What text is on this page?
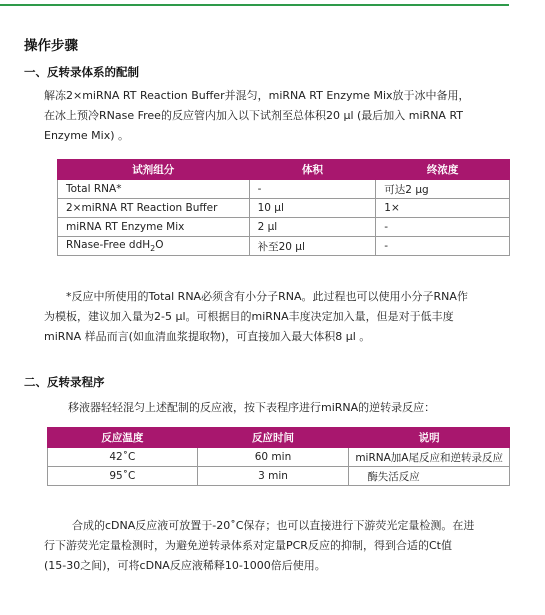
操作步骤
一、反转录体系的配制
解冻2×miRNA RT Reaction Buffer并混匀，miRNA RT Enzyme Mix放于冰中备用，
在冰上预冷RNase Free的反应管内加入以下试剂至总体积20 μl (最后加入 miRNA RT
Enzyme Mix) 。
试剂组分	体积	终浓度
Total RNA*	-	可达2 μg
2×miRNA RT Reaction Buffer	10 μl	1×
miRNA RT Enzyme Mix	2 μl	-
RNase-Free ddH$_2$O	补至20 μl	-
*反应中所使用的Total RNA必须含有小分子RNA。此过程也可以使用小分子RNA作
为模板，建议加入量为2-5 μl。可根据目的miRNA丰度决定加入量，但是对于低丰度
miRNA 样品而言(如血清血浆提取物)，可直接加入最大体积8 μl 。
二、反转录程序
移液器轻轻混匀上述配制的反应液，按下表程序进行miRNA的逆转录反应：
反应温度	反应时间	说明
42˚C	60 min	miRNA加A尾反应和逆转录反应
95˚C	3 min	酶失活反应
合成的cDNA反应液可放置于-20˚C保存；也可以直接进行下游荧光定量检测。在进
行下游荧光定量检测时，为避免逆转录体系对定量PCR反应的抑制，得到合适的Ct值
(15-30之间)，可将cDNA反应液稀释10-1000倍后使用。
